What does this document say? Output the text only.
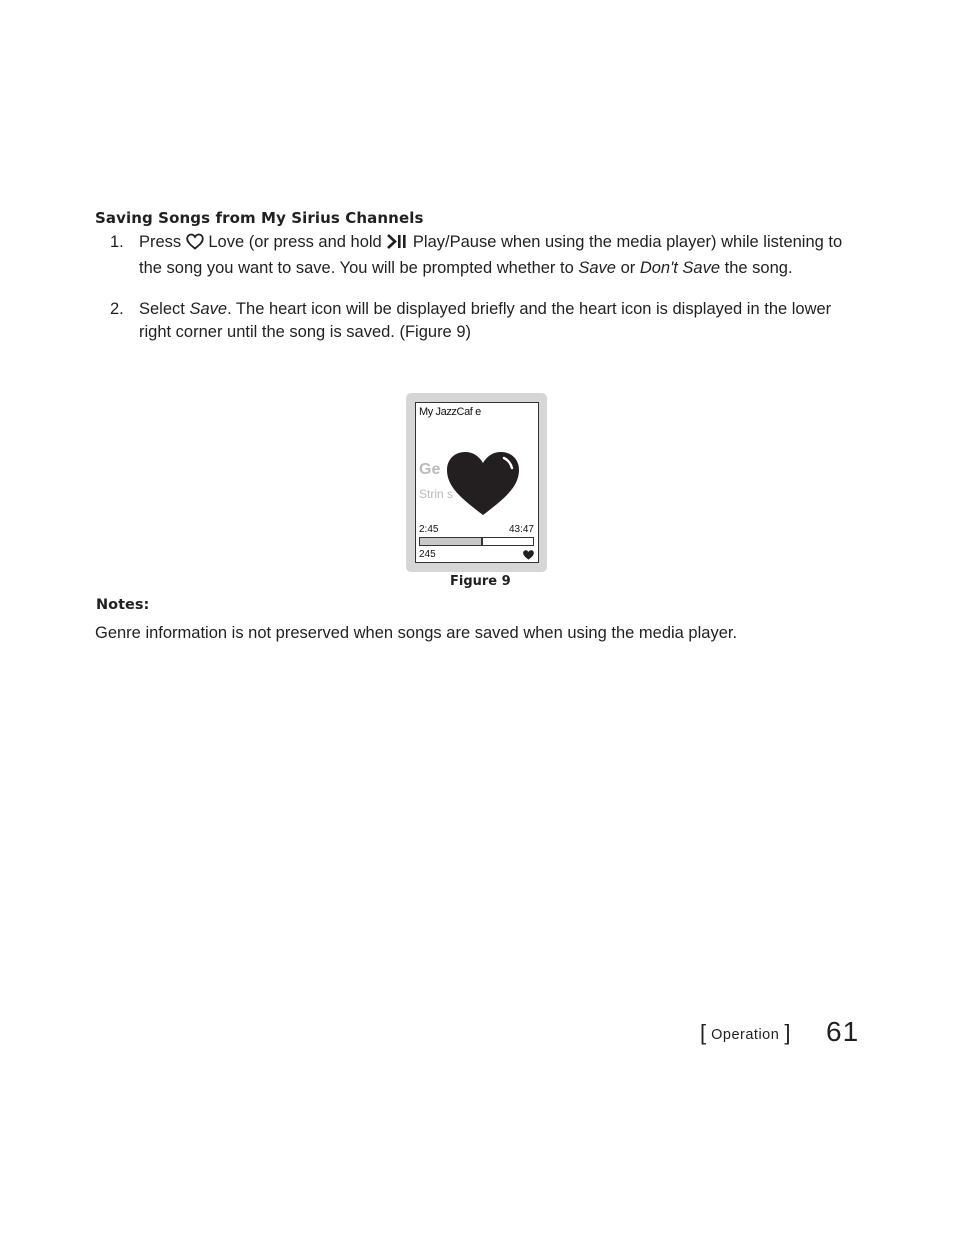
Saving Songs from My Sirius Channels
1. Press Love (or press and hold Play/Pause when using the media player) while listening to the song you want to save. You will be prompted whether to Save or Don't Save the song.
2. Select Save. The heart icon will be displayed briefly and the heart icon is displayed in the lower right corner until the song is saved. (Figure 9)
My JazzCaf e
Ge
Strin s
2:45	43:47
245
Figure 9
Notes:
Genre information is not preserved when songs are saved when using the media player.
[ Operation ] 61
